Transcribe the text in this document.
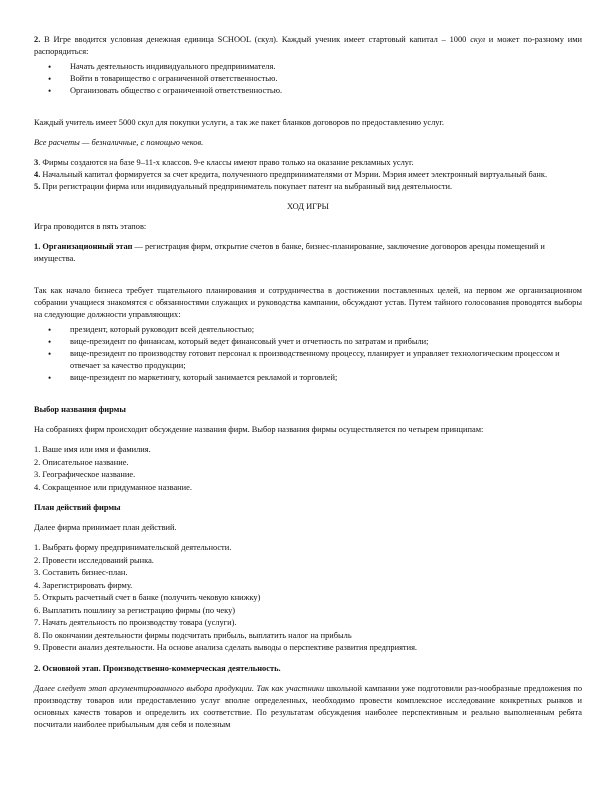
2. В Игре вводится условная денежная единица SCHOOL (скул). Каждый ученик имеет стартовый капитал – 1000 скул и может по-разному ими распорядиться:

• Начать деятельность индивидуального предпринимателя.
• Войти в товарищество с ограниченной ответственностью.
• Организовать общество с ограниченной ответственностью.

Каждый учитель имеет 5000 скул для покупки услуги, а так же пакет бланков договоров по предоставлению услуг.

Все расчеты — безналичные, с помощью чеков.

3. Фирмы создаются на базе 9–11-х классов. 9-е классы имеют право только на оказание рекламных услуг.

4. Начальный капитал формируется за счет кредита, полученного предпринимателями от Мэрии. Мэрия имеет электронный виртуальный банк.

5. При регистрации фирма или индивидуальный предприниматель покупает патент на выбранный вид деятельности.

ХОД ИГРЫ

Игра проводится в пять этапов:

1. Организационный этап — регистрация фирм, открытие счетов в банке, бизнес-планирование, заключение договоров аренды помещений и имущества.

Так как начало бизнеса требует тщательного планирования и сотрудничества в достижении поставленных целей, на первом же организационном собрании учащиеся знакомятся с обязанностями служащих и руководства кампании, обсуждают устав. Путем тайного голосования проводятся выборы на следующие должности управляющих:

• президент, который руководит всей деятельностью;
• вице-президент по финансам, который ведет финансовый учет и отчетность по затратам и прибыли;
• вице-президент по производству готовит персонал к производственному процессу, планирует и управляет технологическим процессом и отвечает за качество продукции;
• вице-президент по маркетингу, который занимается рекламой и торговлей;

Выбор названия фирмы

На собраниях фирм происходит обсуждение названия фирм. Выбор названия фирмы осуществляется по четырем принципам:

1. Ваше имя или имя и фамилия.
2. Описательное название.
3. Географическое название.
4. Сокращенное или придуманное название.

План действий фирмы

Далее фирма принимает план действий.

1. Выбрать форму предпринимательской деятельности.
2. Провести исследований рынка.
3. Составить бизнес-план.
4. Зарегистрировать фирму.
5. Открыть расчетный счет в банке (получить чековую книжку)
6. Выплатить пошлину за регистрацию фирмы (по чеку)
7. Начать деятельность по производству товара (услуги).
8. По окончании деятельности фирмы подсчитать прибыль, выплатить налог на прибыль
9. Провести анализ деятельности. На основе анализа сделать выводы о перспективе развития предприятия.

2. Основной этап. Производственно-коммерческая деятельность.

Далее следует этап аргументированного выбора продукции. Так как участники школьной кампании уже подготовили раз-нообразные предложения по производству товаров или предоставлению услуг вполне определенных, необходимо провести комплексное исследование конкретных рынков и основных качеств товаров и определить их соответствие. По результатам обсуждения наиболее перспективным и реально выполненным ребята посчитали наиболее прибыльным для себя и полезным
